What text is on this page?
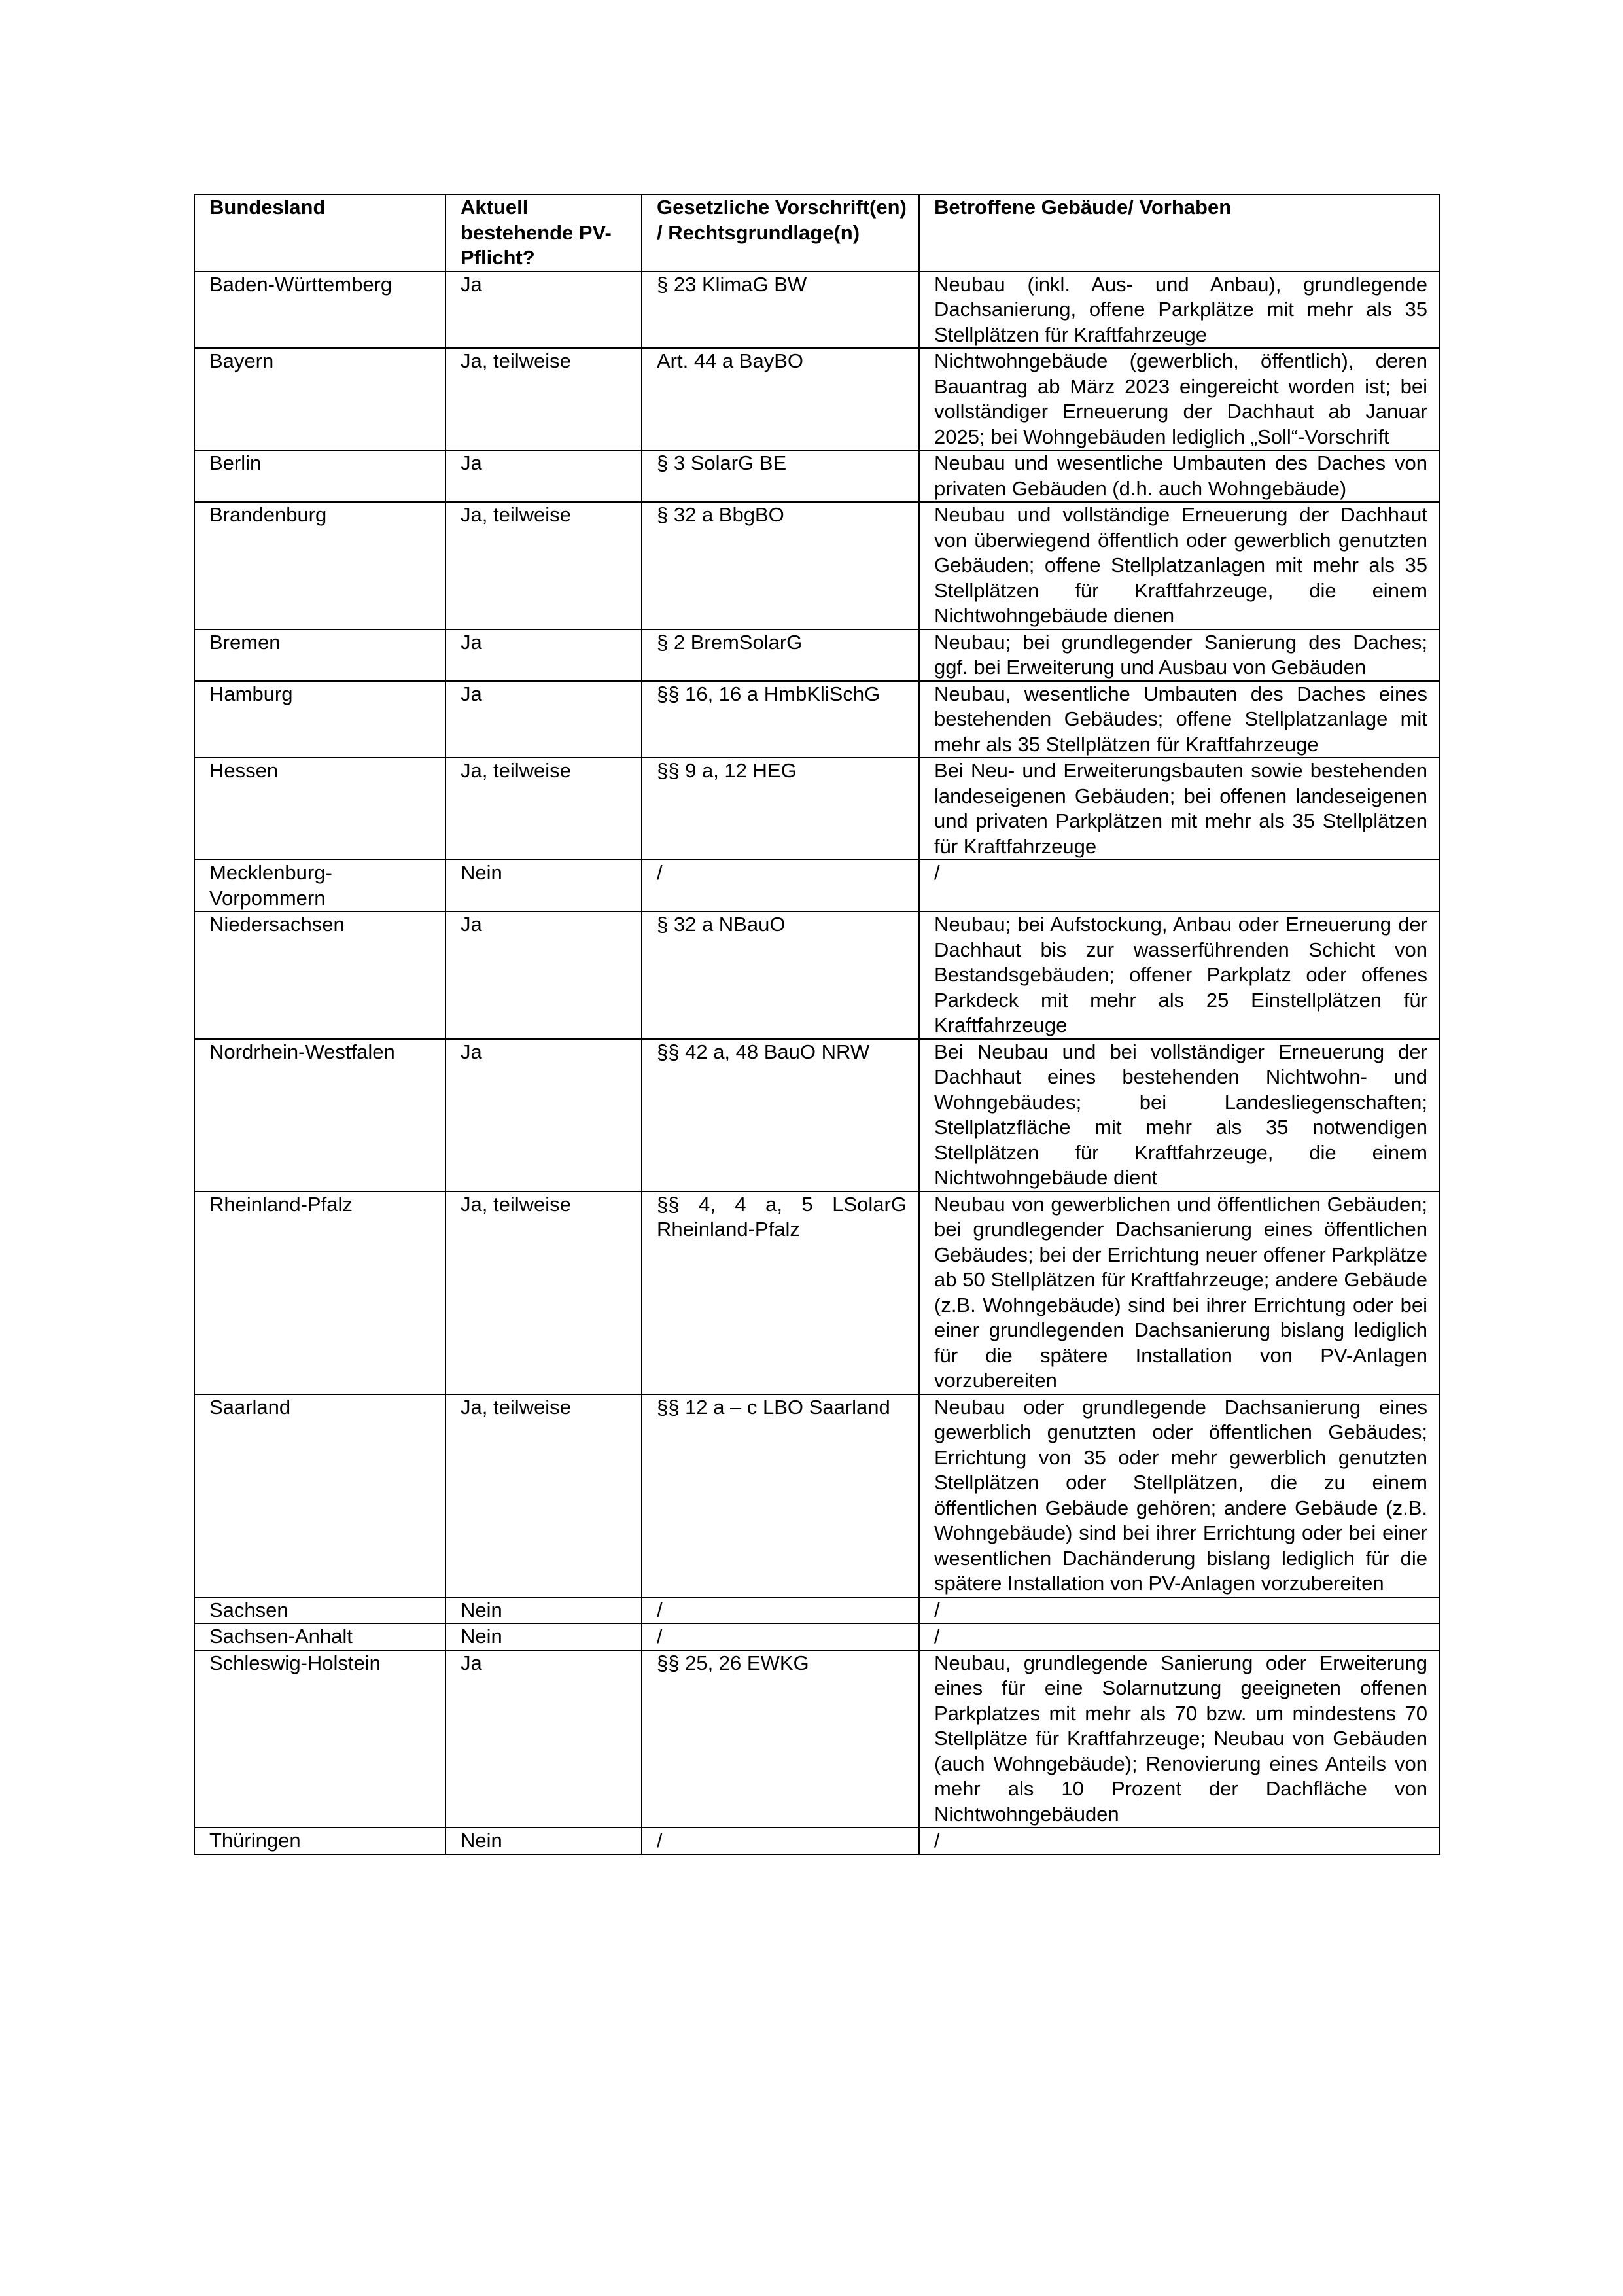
Bundesland	Aktuell bestehende PV-Pflicht?	Gesetzliche Vorschrift(en) / Rechtsgrundlage(n)	Betroffene Gebäude/ Vorhaben
Baden-Württemberg	Ja	§ 23 KlimaG BW	Neubau (inkl. Aus- und Anbau), grundlegende Dachsanierung, offene Parkplätze mit mehr als 35 Stellplätzen für Kraftfahrzeuge
Bayern	Ja, teilweise	Art. 44 a BayBO	Nichtwohngebäude (gewerblich, öffentlich), deren Bauantrag ab März 2023 eingereicht worden ist; bei vollständiger Erneuerung der Dachhaut ab Januar 2025; bei Wohngebäuden lediglich „Soll“-Vorschrift
Berlin	Ja	§ 3 SolarG BE	Neubau und wesentliche Umbauten des Daches von privaten Gebäuden (d.h. auch Wohngebäude)
Brandenburg	Ja, teilweise	§ 32 a BbgBO	Neubau und vollständige Erneuerung der Dachhaut von überwiegend öffentlich oder gewerblich genutzten Gebäuden; offene Stellplatzanlagen mit mehr als 35 Stellplätzen für Kraftfahrzeuge, die einem Nichtwohngebäude dienen
Bremen	Ja	§ 2 BremSolarG	Neubau; bei grundlegender Sanierung des Daches; ggf. bei Erweiterung und Ausbau von Gebäuden
Hamburg	Ja	§§ 16, 16 a HmbKliSchG	Neubau, wesentliche Umbauten des Daches eines bestehenden Gebäudes; offene Stellplatzanlage mit mehr als 35 Stellplätzen für Kraftfahrzeuge
Hessen	Ja, teilweise	§§ 9 a, 12 HEG	Bei Neu- und Erweiterungsbauten sowie bestehenden landeseigenen Gebäuden; bei offenen landeseigenen und privaten Parkplätzen mit mehr als 35 Stellplätzen für Kraftfahrzeuge
Mecklenburg-Vorpommern	Nein	/	/
Niedersachsen	Ja	§ 32 a NBauO	Neubau; bei Aufstockung, Anbau oder Erneuerung der Dachhaut bis zur wasserführenden Schicht von Bestandsgebäuden; offener Parkplatz oder offenes Parkdeck mit mehr als 25 Einstellplätzen für Kraftfahrzeuge
Nordrhein-Westfalen	Ja	§§ 42 a, 48 BauO NRW	Bei Neubau und bei vollständiger Erneuerung der Dachhaut eines bestehenden Nichtwohn- und Wohngebäudes; bei Landesliegenschaften; Stellplatzfläche mit mehr als 35 notwendigen Stellplätzen für Kraftfahrzeuge, die einem Nichtwohngebäude dient
Rheinland-Pfalz	Ja, teilweise	§§ 4, 4 a, 5 LSolarG Rheinland-Pfalz	Neubau von gewerblichen und öffentlichen Gebäuden; bei grundlegender Dachsanierung eines öffentlichen Gebäudes; bei der Errichtung neuer offener Parkplätze ab 50 Stellplätzen für Kraftfahrzeuge; andere Gebäude (z.B. Wohngebäude) sind bei ihrer Errichtung oder bei einer grundlegenden Dachsanierung bislang lediglich für die spätere Installation von PV-Anlagen vorzubereiten
Saarland	Ja, teilweise	§§ 12 a – c LBO Saarland	Neubau oder grundlegende Dachsanierung eines gewerblich genutzten oder öffentlichen Gebäudes; Errichtung von 35 oder mehr gewerblich genutzten Stellplätzen oder Stellplätzen, die zu einem öffentlichen Gebäude gehören; andere Gebäude (z.B. Wohngebäude) sind bei ihrer Errichtung oder bei einer wesentlichen Dachänderung bislang lediglich für die spätere Installation von PV-Anlagen vorzubereiten
Sachsen	Nein	/	/
Sachsen-Anhalt	Nein	/	/
Schleswig-Holstein	Ja	§§ 25, 26 EWKG	Neubau, grundlegende Sanierung oder Erweiterung eines für eine Solarnutzung geeigneten offenen Parkplatzes mit mehr als 70 bzw. um mindestens 70 Stellplätze für Kraftfahrzeuge; Neubau von Gebäuden (auch Wohngebäude); Renovierung eines Anteils von mehr als 10 Prozent der Dachfläche von Nichtwohngebäuden
Thüringen	Nein	/	/
